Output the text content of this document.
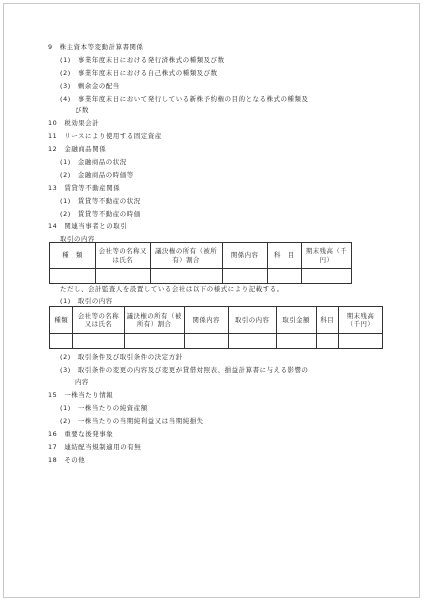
9　株主資本等変動計算書関係
(1)　事業年度末日における発行済株式の種類及び数
(2)　事業年度末日における自己株式の種類及び数
(3)　剰余金の配当
(4)　事業年度末日において発行している新株予約権の目的となる株式の種類及
び数
10　税効果会計
11　リースにより使用する固定資産
12　金融商品関係
(1)　金融商品の状況
(2)　金融商品の時価等
13　賃貸等不動産関係
(1)　賃貸等不動産の状況
(2)　賃貸等不動産の時価
14　関連当事者との取引
取引の内容
種　類	会社等の名称又は氏名	議決権の所有（被所有）割合	関係内容	科　目	期末残高（千円）

ただし、会計監査人を設置している会社は以下の様式により記載する。
(1)　取引の内容
種類	会社等の名称又は氏名	議決権の所有（被所有）割合	関係内容	取引の内容	取引金額	科目	期末残高（千円）

(2)　取引条件及び取引条件の決定方針
(3)　取引条件の変更の内容及び変更が貸借対照表、損益計算書に与える影響の
内容
15　一株当たり情報
(1)　一株当たりの純資産額
(2)　一株当たりの当期純利益又は当期純損失
16　重要な後発事象
17　連結配当規制適用の有無
18　その他
